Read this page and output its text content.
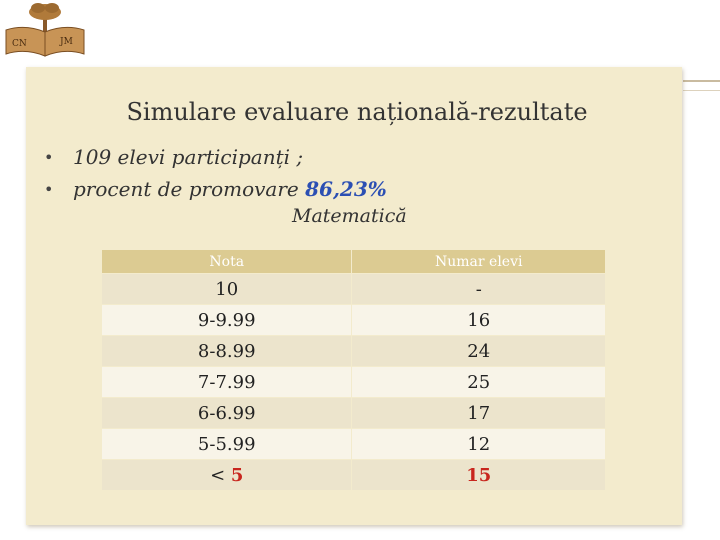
CN	JM
Simulare evaluare națională-rezultate
• 109 elevi participanți ;
• procent de promovare 86,23%
Matematică
Nota	Numar elevi
10	-
9-9.99	16
8-8.99	24
7-7.99	25
6-6.99	17
5-5.99	12
< 5	15
